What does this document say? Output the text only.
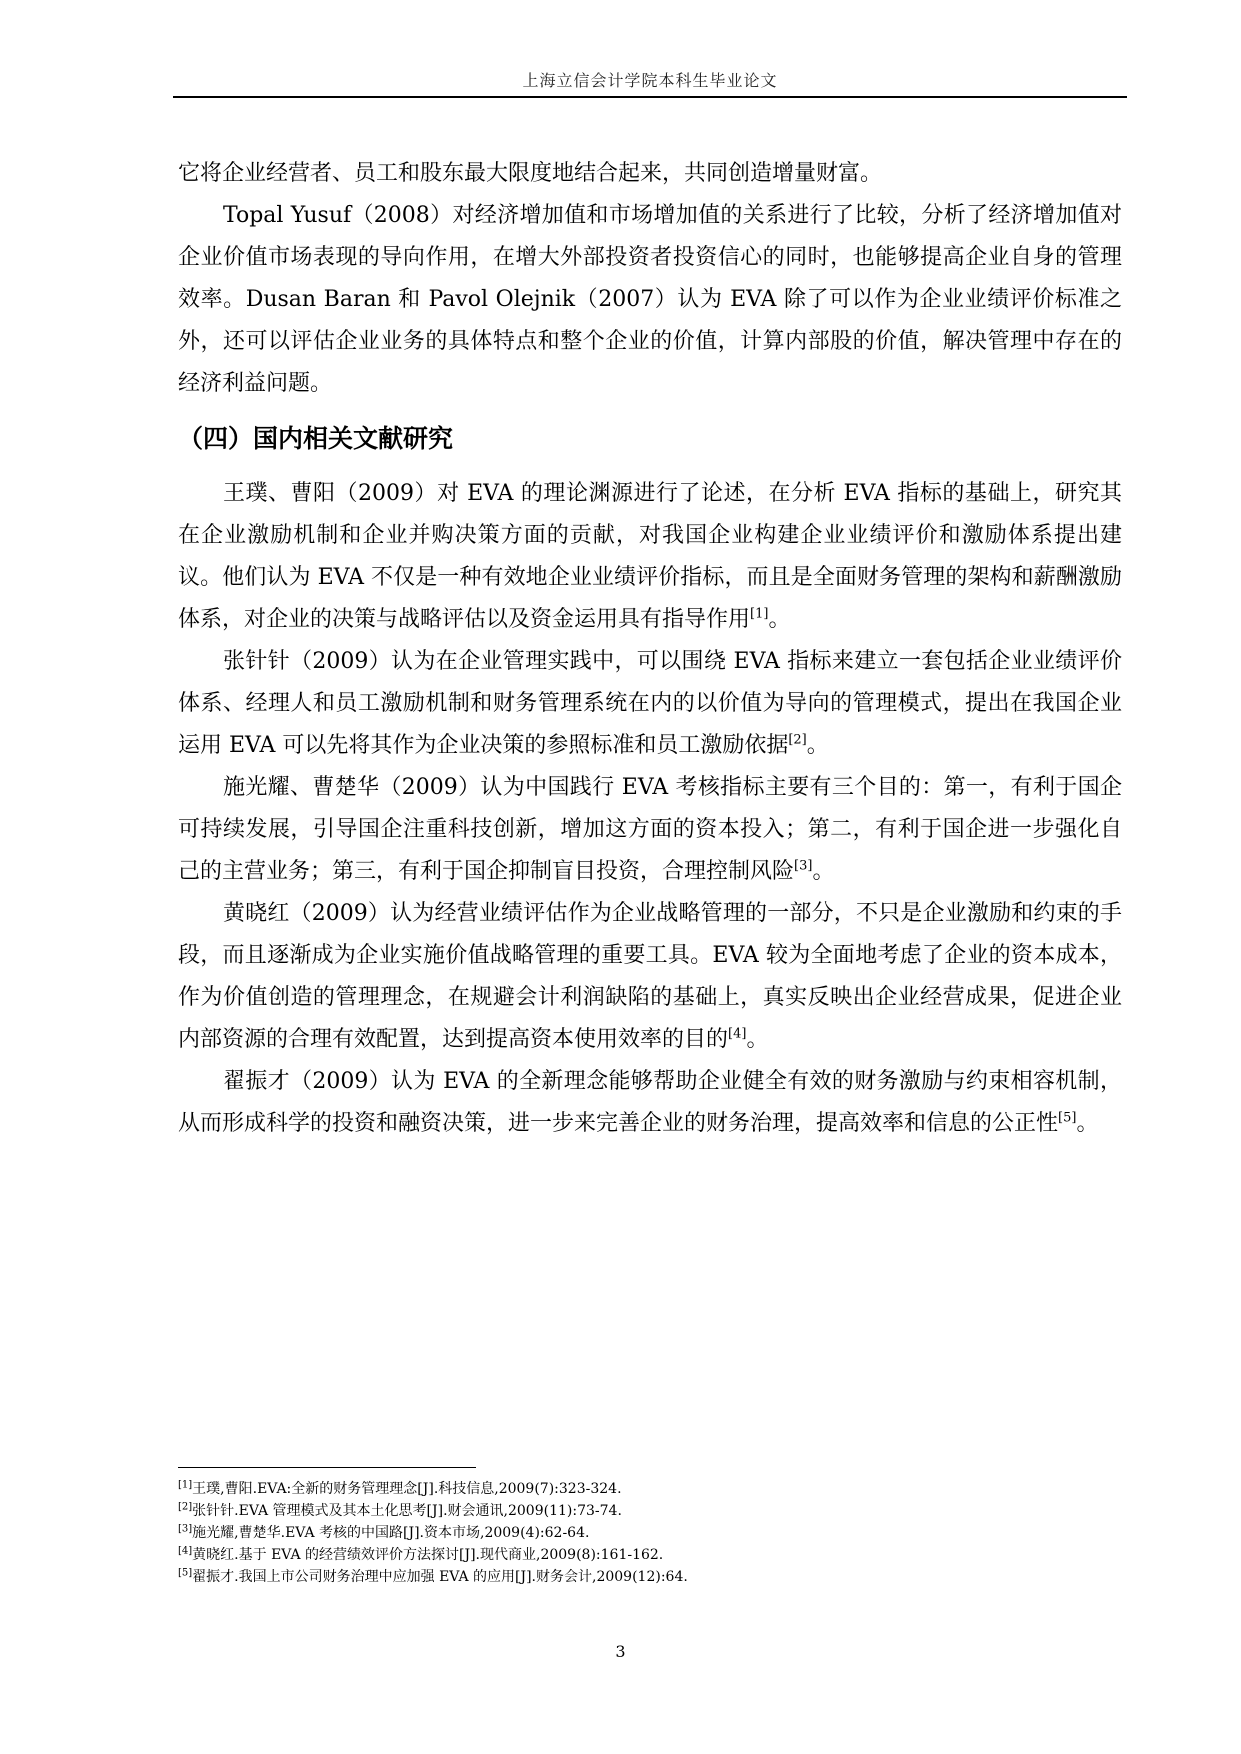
上海立信会计学院本科生毕业论文

它将企业经营者、员工和股东最大限度地结合起来，共同创造增量财富。

Topal Yusuf（2008）对经济增加值和市场增加值的关系进行了比较，分析了经济增加值对企业价值市场表现的导向作用，在增大外部投资者投资信心的同时，也能够提高企业自身的管理效率。Dusan Baran 和 Pavol Olejnik（2007）认为 EVA 除了可以作为企业业绩评价标准之外，还可以评估企业业务的具体特点和整个企业的价值，计算内部股的价值，解决管理中存在的经济利益问题。

（四）国内相关文献研究

王璞、曹阳（2009）对 EVA 的理论渊源进行了论述，在分析 EVA 指标的基础上，研究其在企业激励机制和企业并购决策方面的贡献，对我国企业构建企业业绩评价和激励体系提出建议。他们认为 EVA 不仅是一种有效地企业业绩评价指标，而且是全面财务管理的架构和薪酬激励体系，对企业的决策与战略评估以及资金运用具有指导作用[1]。

张针针（2009）认为在企业管理实践中，可以围绕 EVA 指标来建立一套包括企业业绩评价体系、经理人和员工激励机制和财务管理系统在内的以价值为导向的管理模式，提出在我国企业运用 EVA 可以先将其作为企业决策的参照标准和员工激励依据[2]。

施光耀、曹楚华（2009）认为中国践行 EVA 考核指标主要有三个目的：第一，有利于国企可持续发展，引导国企注重科技创新，增加这方面的资本投入；第二，有利于国企进一步强化自己的主营业务；第三，有利于国企抑制盲目投资，合理控制风险[3]。

黄晓红（2009）认为经营业绩评估作为企业战略管理的一部分，不只是企业激励和约束的手段，而且逐渐成为企业实施价值战略管理的重要工具。EVA 较为全面地考虑了企业的资本成本，作为价值创造的管理理念，在规避会计利润缺陷的基础上，真实反映出企业经营成果，促进企业内部资源的合理有效配置，达到提高资本使用效率的目的[4]。

翟振才（2009）认为 EVA 的全新理念能够帮助企业健全有效的财务激励与约束相容机制，从而形成科学的投资和融资决策，进一步来完善企业的财务治理，提高效率和信息的公正性[5]。

[1]王璞,曹阳.EVA:全新的财务管理理念[J].科技信息,2009(7):323-324.

[2]张针针.EVA 管理模式及其本土化思考[J].财会通讯,2009(11):73-74.

[3]施光耀,曹楚华.EVA 考核的中国路[J].资本市场,2009(4):62-64.

[4]黄晓红.基于 EVA 的经营绩效评价方法探讨[J].现代商业,2009(8):161-162.

[5]翟振才.我国上市公司财务治理中应加强 EVA 的应用[J].财务会计,2009(12):64.

3
